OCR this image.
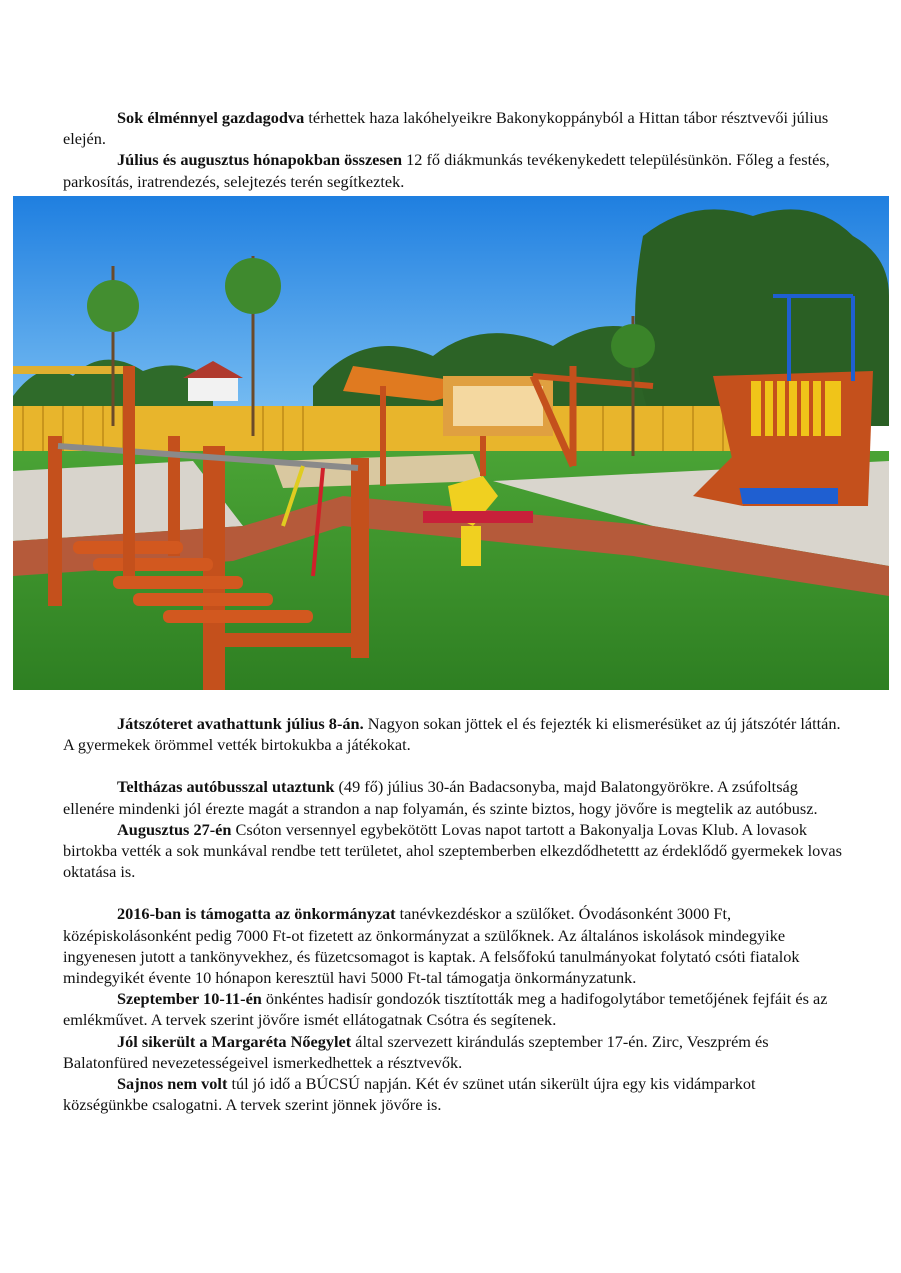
Sok élménnyel gazdagodva térhettek haza lakóhelyeikre Bakonykoppányból a Hittan tábor résztvevői július elején.

Július és augusztus hónapokban összesen 12 fő diákmunkás tevékenykedett településünkön. Főleg a festés, parkosítás, iratrendezés, selejtezés terén segítkeztek.

Játszóteret avathattunk július 8-án. Nagyon sokan jöttek el és fejezték ki elismerésüket az új játszótér láttán. A gyermekek örömmel vették birtokukba a játékokat.

Teltházas autóbusszal utaztunk (49 fő) július 30-án Badacsonyba, majd Balatongyörökre. A zsúfoltság ellenére mindenki jól érezte magát a strandon a nap folyamán, és szinte biztos, hogy jövőre is megtelik az autóbusz.

Augusztus 27-én Csóton versennyel egybekötött Lovas napot tartott a Bakonyalja Lovas Klub. A lovasok birtokba vették a sok munkával rendbe tett területet, ahol szeptemberben elkezdődhetettt az érdeklődő gyermekek lovas oktatása is.

2016-ban is támogatta az önkormányzat tanévkezdéskor a szülőket. Óvodásonként 3000 Ft, középiskolásonként pedig 7000 Ft-ot fizetett az önkormányzat a szülőknek. Az általános iskolások mindegyike ingyenesen jutott a tankönyvekhez, és füzetcsomagot is kaptak. A felsőfokú tanulmányokat folytató csóti fiatalok mindegyikét évente 10 hónapon keresztül havi 5000 Ft-tal támogatja önkormányzatunk.

Szeptember 10-11-én önkéntes hadisír gondozók tisztították meg a hadifogolytábor temetőjének fejfáit és az emlékművet. A tervek szerint jövőre ismét ellátogatnak Csótra és segítenek.

Jól sikerült a Margaréta Nőegylet által szervezett kirándulás szeptember 17-én. Zirc, Veszprém és Balatonfüred nevezetességeivel ismerkedhettek a résztvevők.

Sajnos nem volt túl jó idő a BÚCSÚ napján. Két év szünet után sikerült újra egy kis vidámparkot községünkbe csalogatni. A tervek szerint jönnek jövőre is.
